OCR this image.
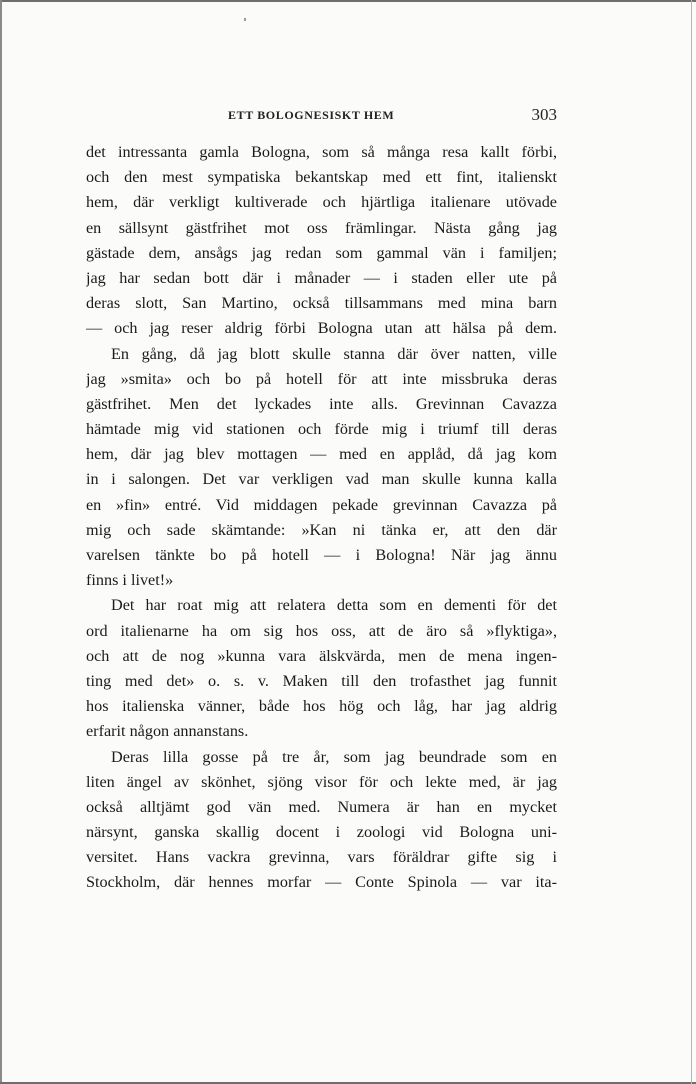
ETT BOLOGNESISKT HEM	303
det intressanta gamla Bologna, som så många resa kallt förbi,
och den mest sympatiska bekantskap med ett fint, italienskt
hem, där verkligt kultiverade och hjärtliga italienare utövade
en sällsynt gästfrihet mot oss främlingar. Nästa gång jag
gästade dem, ansågs jag redan som gammal vän i familjen;
jag har sedan bott där i månader — i staden eller ute på
deras slott, San Martino, också tillsammans med mina barn
— och jag reser aldrig förbi Bologna utan att hälsa på dem.
En gång, då jag blott skulle stanna där över natten, ville
jag »smita» och bo på hotell för att inte missbruka deras
gästfrihet. Men det lyckades inte alls. Grevinnan Cavazza
hämtade mig vid stationen och förde mig i triumf till deras
hem, där jag blev mottagen — med en applåd, då jag kom
in i salongen. Det var verkligen vad man skulle kunna kalla
en »fin» entré. Vid middagen pekade grevinnan Cavazza på
mig och sade skämtande: »Kan ni tänka er, att den där
varelsen tänkte bo på hotell — i Bologna! När jag ännu
finns i livet!»
Det har roat mig att relatera detta som en dementi för det
ord italienarne ha om sig hos oss, att de äro så »flyktiga»,
och att de nog »kunna vara älskvärda, men de mena ingen-
ting med det» o. s. v. Maken till den trofasthet jag funnit
hos italienska vänner, både hos hög och låg, har jag aldrig
erfarit någon annanstans.
Deras lilla gosse på tre år, som jag beundrade som en
liten ängel av skönhet, sjöng visor för och lekte med, är jag
också alltjämt god vän med. Numera är han en mycket
närsynt, ganska skallig docent i zoologi vid Bologna uni-
versitet. Hans vackra grevinna, vars föräldrar gifte sig i
Stockholm, där hennes morfar — Conte Spinola — var ita-
